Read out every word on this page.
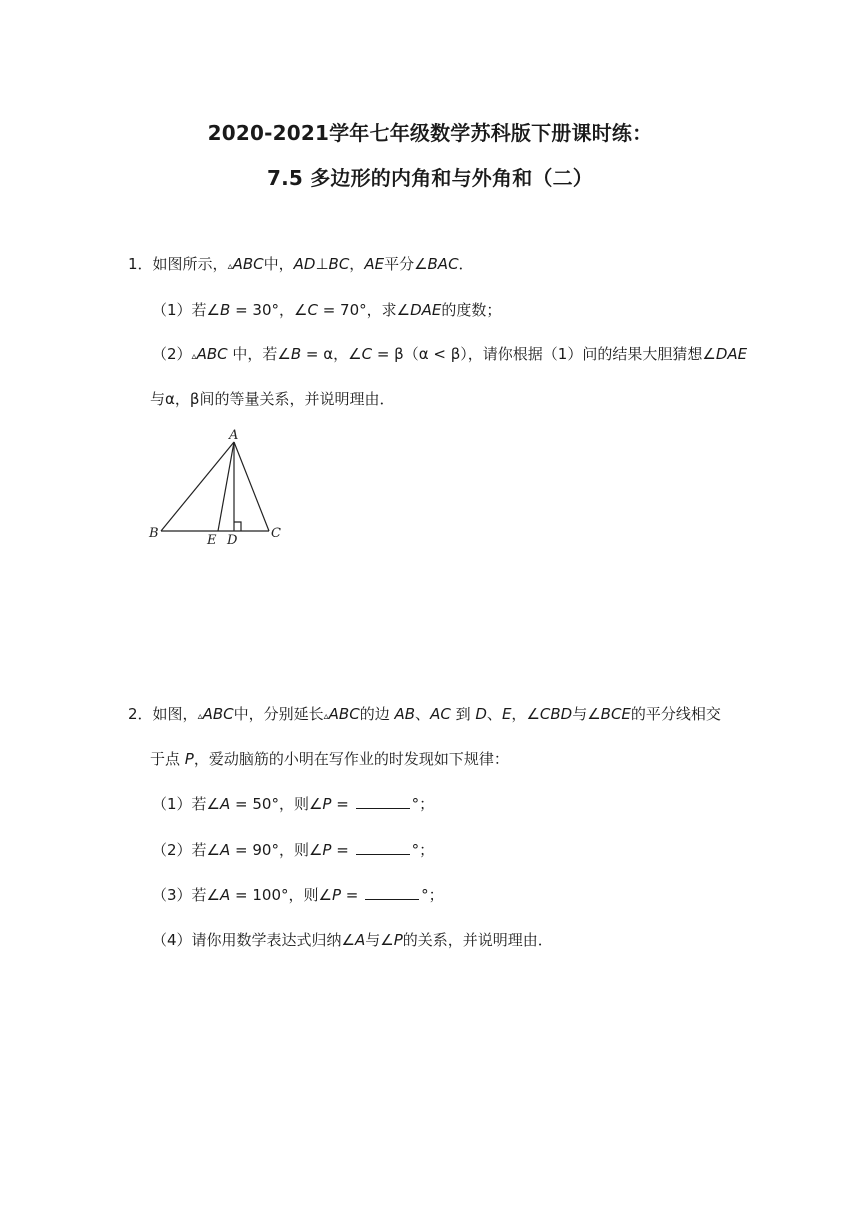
2020-2021学年七年级数学苏科版下册课时练：
7.5 多边形的内角和与外角和（二）
1．如图所示，▵ABC中，AD⊥BC，AE平分∠BAC．
（1）若∠B = 30°，∠C = 70°，求∠DAE的度数；
（2）▵ABC 中，若∠B = α，∠C = β（α < β），请你根据（1）问的结果大胆猜想∠DAE
与α，β间的等量关系，并说明理由．
A
B	C
E D
2．如图，▵ABC中，分别延长▵ABC的边 AB、AC 到 D、E，∠CBD与∠BCE的平分线相交
于点 P，爱动脑筋的小明在写作业的时发现如下规律：
（1）若∠A = 50°，则∠P =	°；
（2）若∠A = 90°，则∠P =	°；
（3）若∠A = 100°，则∠P =	°；
（4）请你用数学表达式归纳∠A与∠P的关系，并说明理由．
